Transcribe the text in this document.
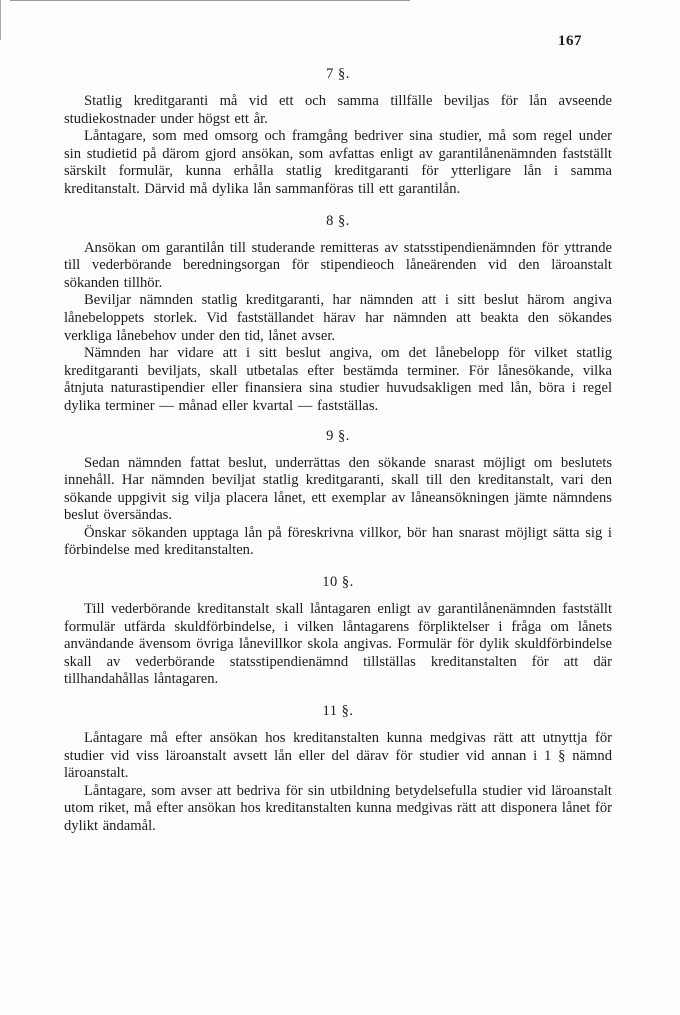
167
7 §.

Statlig kreditgaranti må vid ett och samma tillfälle beviljas för lån avseende studiekostnader under högst ett år.

Låntagare, som med omsorg och framgång bedriver sina studier, må som regel under sin studietid på därom gjord ansökan, som avfattas enligt av garantilånenämnden fastställt särskilt formulär, kunna erhålla statlig kreditgaranti för ytterligare lån i samma kreditanstalt. Därvid må dylika lån sammanföras till ett garantilån.

8 §.

Ansökan om garantilån till studerande remitteras av statsstipendienämnden för yttrande till vederbörande beredningsorgan för stipendieoch låneärenden vid den läroanstalt sökanden tillhör.

Beviljar nämnden statlig kreditgaranti, har nämnden att i sitt beslut härom angiva lånebeloppets storlek. Vid fastställandet härav har nämnden att beakta den sökandes verkliga lånebehov under den tid, lånet avser.

Nämnden har vidare att i sitt beslut angiva, om det lånebelopp för vilket statlig kreditgaranti beviljats, skall utbetalas efter bestämda terminer. För lånesökande, vilka åtnjuta naturastipendier eller finansiera sina studier huvudsakligen med lån, böra i regel dylika terminer — månad eller kvartal — fastställas.

9 §.

Sedan nämnden fattat beslut, underrättas den sökande snarast möjligt om beslutets innehåll. Har nämnden beviljat statlig kreditgaranti, skall till den kreditanstalt, vari den sökande uppgivit sig vilja placera lånet, ett exemplar av låneansökningen jämte nämndens beslut översändas.

Önskar sökanden upptaga lån på föreskrivna villkor, bör han snarast möjligt sätta sig i förbindelse med kreditanstalten.

10 §.

Till vederbörande kreditanstalt skall låntagaren enligt av garantilånenämnden fastställt formulär utfärda skuldförbindelse, i vilken låntagarens förpliktelser i fråga om lånets användande ävensom övriga lånevillkor skola angivas. Formulär för dylik skuldförbindelse skall av vederbörande statsstipendienämnd tillställas kreditanstalten för att där tillhandahållas låntagaren.

11 §.

Låntagare må efter ansökan hos kreditanstalten kunna medgivas rätt att utnyttja för studier vid viss läroanstalt avsett lån eller del därav för studier vid annan i 1 § nämnd läroanstalt.

Låntagare, som avser att bedriva för sin utbildning betydelsefulla studier vid läroanstalt utom riket, må efter ansökan hos kreditanstalten kunna medgivas rätt att disponera lånet för dylikt ändamål.
